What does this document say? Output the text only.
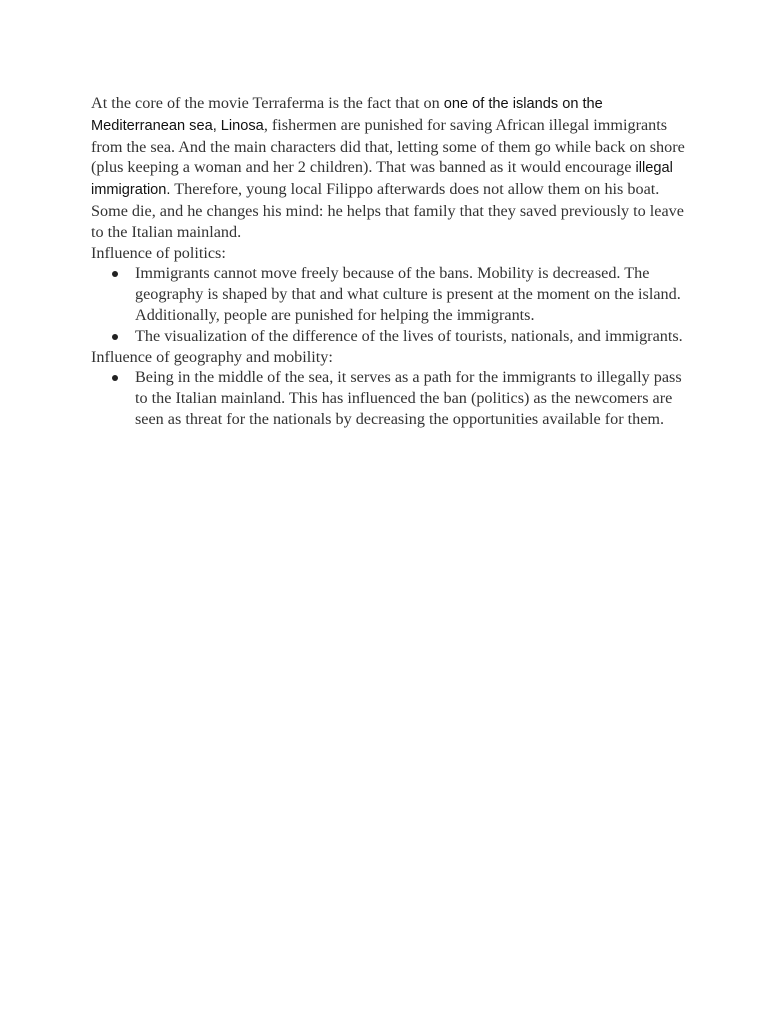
At the core of the movie Terraferma is the fact that on one of the islands on the Mediterranean sea, Linosa, fishermen are punished for saving African illegal immigrants from the sea. And the main characters did that, letting some of them go while back on shore (plus keeping a woman and her 2 children). That was banned as it would encourage illegal immigration. Therefore, young local Filippo afterwards does not allow them on his boat. Some die, and he changes his mind: he helps that family that they saved previously to leave to the Italian mainland.

Influence of politics:

Immigrants cannot move freely because of the bans. Mobility is decreased. The geography is shaped by that and what culture is present at the moment on the island. Additionally, people are punished for helping the immigrants.
The visualization of the difference of the lives of tourists, nationals, and immigrants.

Influence of geography and mobility:

Being in the middle of the sea, it serves as a path for the immigrants to illegally pass to the Italian mainland. This has influenced the ban (politics) as the newcomers are seen as threat for the nationals by decreasing the opportunities available for them.
